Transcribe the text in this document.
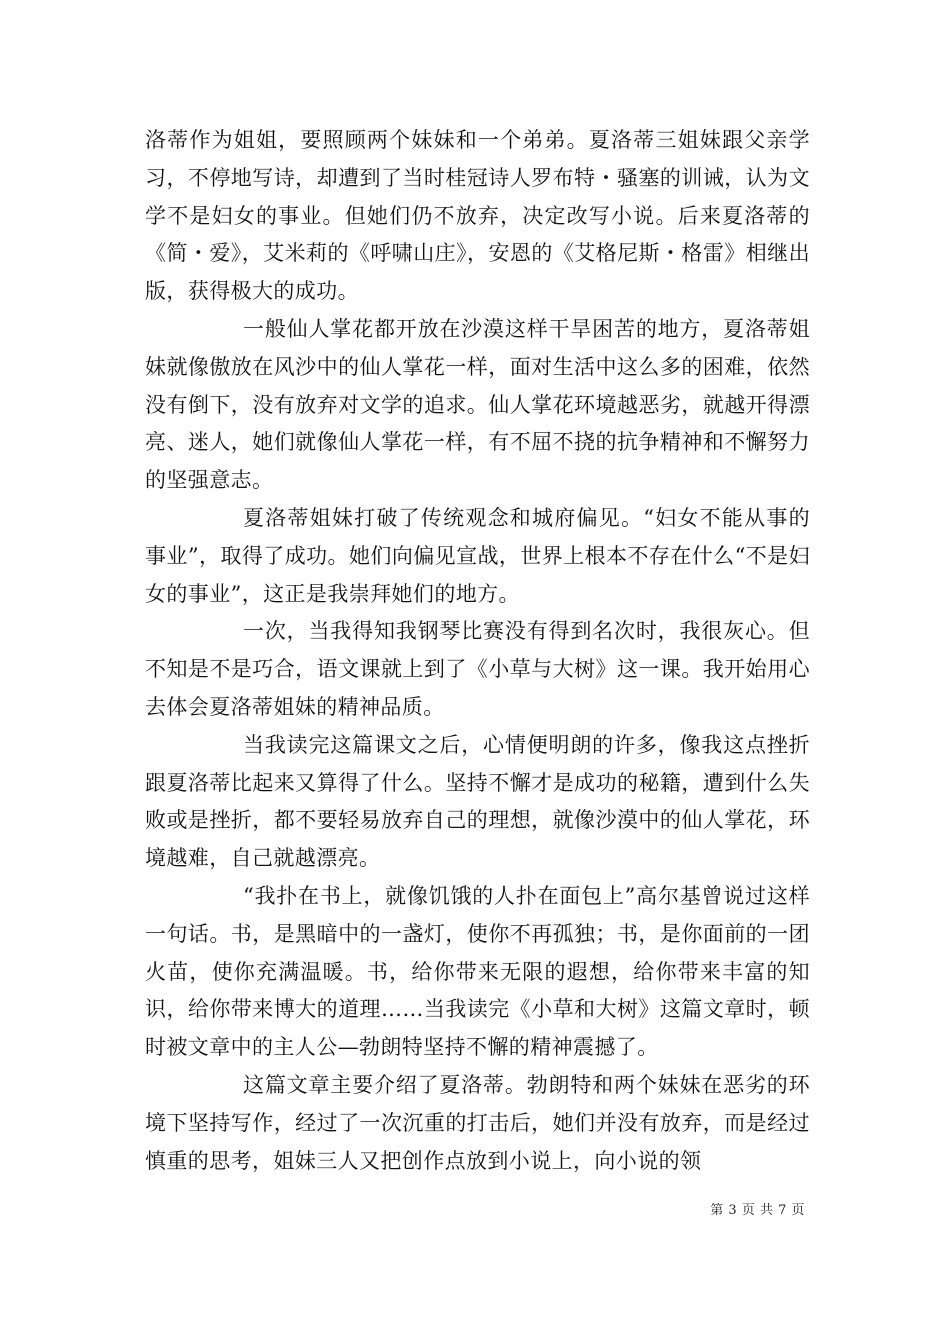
洛蒂作为姐姐，要照顾两个妹妹和一个弟弟。夏洛蒂三姐妹跟父亲学习，不停地写诗，却遭到了当时桂冠诗人罗布特・骚塞的训诫，认为文学不是妇女的事业。但她们仍不放弃，决定改写小说。后来夏洛蒂的《简・爱》，艾米莉的《呼啸山庄》，安恩的《艾格尼斯・格雷》相继出版，获得极大的成功。

一般仙人掌花都开放在沙漠这样干旱困苦的地方，夏洛蒂姐妹就像傲放在风沙中的仙人掌花一样，面对生活中这么多的困难，依然没有倒下，没有放弃对文学的追求。仙人掌花环境越恶劣，就越开得漂亮、迷人，她们就像仙人掌花一样，有不屈不挠的抗争精神和不懈努力的坚强意志。

夏洛蒂姐妹打破了传统观念和城府偏见。“妇女不能从事的事业”，取得了成功。她们向偏见宣战，世界上根本不存在什么“不是妇女的事业”，这正是我崇拜她们的地方。

一次，当我得知我钢琴比赛没有得到名次时，我很灰心。但不知是不是巧合，语文课就上到了《小草与大树》这一课。我开始用心去体会夏洛蒂姐妹的精神品质。

当我读完这篇课文之后，心情便明朗的许多，像我这点挫折跟夏洛蒂比起来又算得了什么。坚持不懈才是成功的秘籍，遭到什么失败或是挫折，都不要轻易放弃自己的理想，就像沙漠中的仙人掌花，环境越难，自己就越漂亮。

“我扑在书上，就像饥饿的人扑在面包上”高尔基曾说过这样一句话。书，是黑暗中的一盏灯，使你不再孤独；书，是你面前的一团火苗，使你充满温暖。书，给你带来无限的遐想，给你带来丰富的知识，给你带来博大的道理……当我读完《小草和大树》这篇文章时，顿时被文章中的主人公—勃朗特坚持不懈的精神震撼了。

这篇文章主要介绍了夏洛蒂。勃朗特和两个妹妹在恶劣的环境下坚持写作，经过了一次沉重的打击后，她们并没有放弃，而是经过慎重的思考，姐妹三人又把创作点放到小说上，向小说的领

第 3 页 共 7 页
